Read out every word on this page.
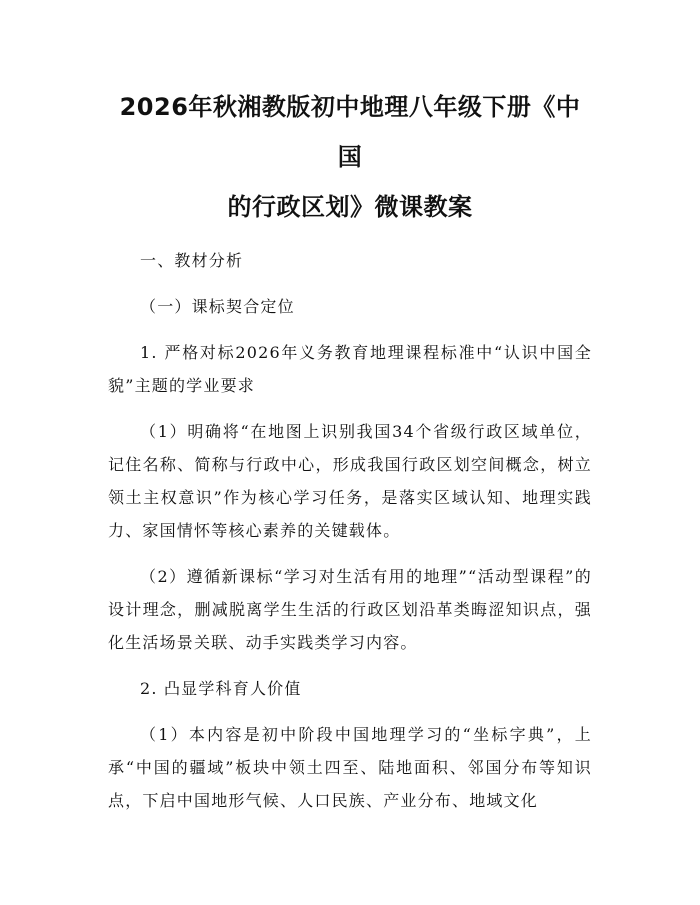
2026年秋湘教版初中地理八年级下册《中国
的行政区划》微课教案

一、教材分析

（一）课标契合定位

1. 严格对标2026年义务教育地理课程标准中“认识中国全貌”主题的学业要求

（1）明确将“在地图上识别我国34个省级行政区域单位，记住名称、简称与行政中心，形成我国行政区划空间概念，树立领土主权意识”作为核心学习任务，是落实区域认知、地理实践力、家国情怀等核心素养的关键载体。

（2）遵循新课标“学习对生活有用的地理”“活动型课程”的设计理念，删减脱离学生生活的行政区划沿革类晦涩知识点，强化生活场景关联、动手实践类学习内容。

2. 凸显学科育人价值

（1）本内容是初中阶段中国地理学习的“坐标字典”，上承“中国的疆域”板块中领土四至、陆地面积、邻国分布等知识点，下启中国地形气候、人口民族、产业分布、地域文化
